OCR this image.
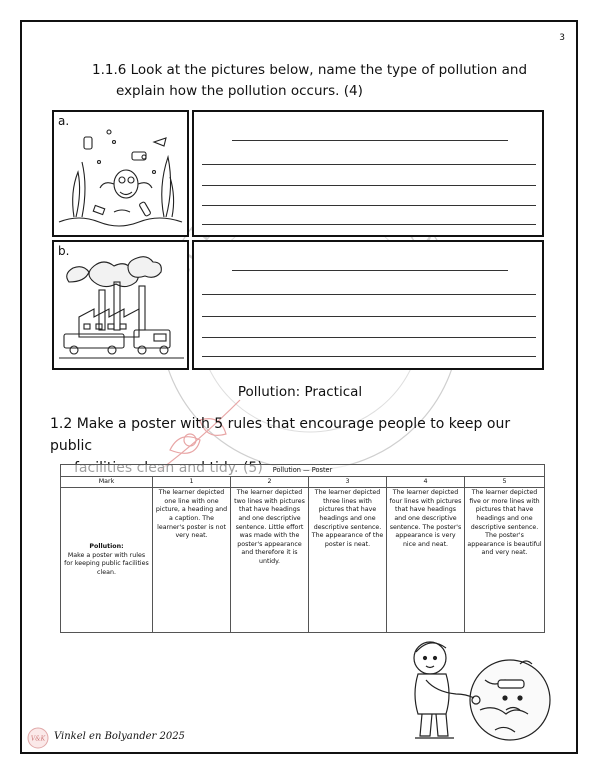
3
1.1.6 Look at the pictures below, name the type of pollution and
explain how the pollution occurs. (4)
a.
b.
Pollution: Practical
1.2 Make a poster with 5 rules that encourage people to keep our public
Pollution — Poster					
Mark	1	2	3	4	5

Pollution:
Make a poster with rules for keeping public facilities clean.	The learner depicted one line with one picture, a heading and a caption. The learner's poster is not very neat.	The learner depicted two lines with pictures that have headings and one descriptive sentence. Little effort was made with the poster's appearance and therefore it is untidy.	The learner depicted three lines with pictures that have headings and one descriptive sentence. The appearance of the poster is neat.	The learner depicted four lines with pictures that have headings and one descriptive sentence. The poster's appearance is very nice and neat.	The learner depicted five or more lines with pictures that have headings and one descriptive sentence. The poster's appearance is beautiful and very neat.
V&K Vinkel en Bolyander 2025
